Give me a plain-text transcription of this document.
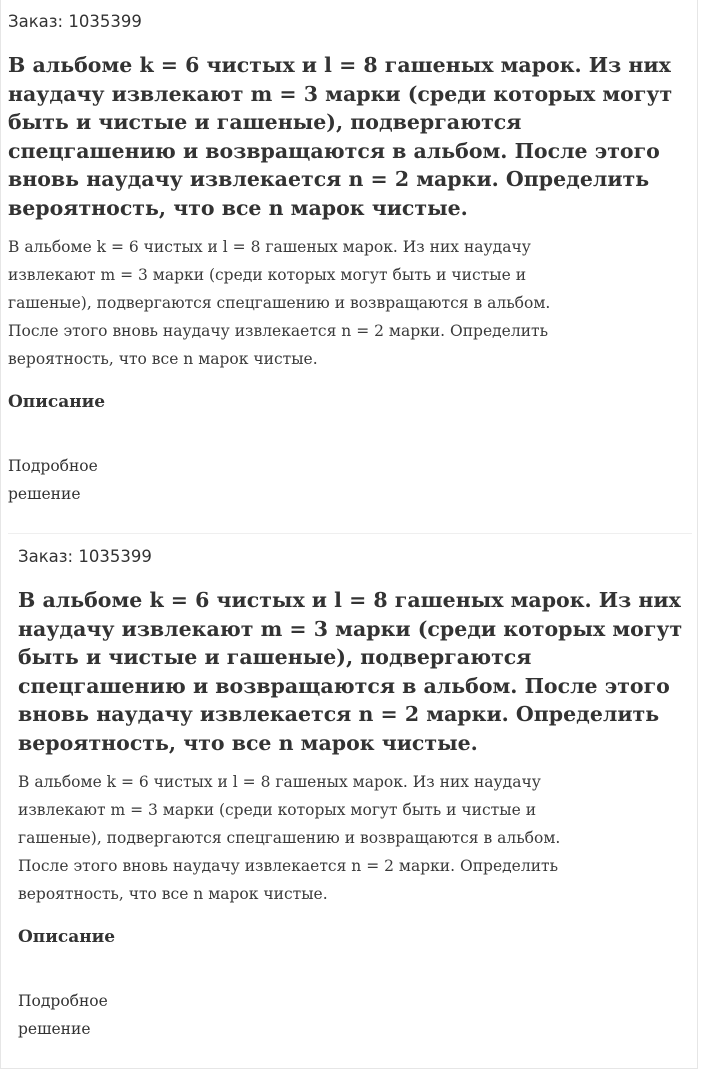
Заказ: 1035399
В альбоме k = 6 чистых и l = 8 гашеных марок. Из них
наудачу извлекают m = 3 марки (среди которых могут
быть и чистые и гашеные), подвергаются
спецгашению и возвращаются в альбом. После этого
вновь наудачу извлекается n = 2 марки. Определить
вероятность, что все n марок чистые.

В альбоме k = 6 чистых и l = 8 гашеных марок. Из них наудачу
извлекают m = 3 марки (среди которых могут быть и чистые и
гашеные), подвергаются спецгашению и возвращаются в альбом.
После этого вновь наудачу извлекается n = 2 марки. Определить
вероятность, что все n марок чистые.

Описание
Подробное
решение
Заказ: 1035399
В альбоме k = 6 чистых и l = 8 гашеных марок. Из них
наудачу извлекают m = 3 марки (среди которых могут
быть и чистые и гашеные), подвергаются
спецгашению и возвращаются в альбом. После этого
вновь наудачу извлекается n = 2 марки. Определить
вероятность, что все n марок чистые.

В альбоме k = 6 чистых и l = 8 гашеных марок. Из них наудачу
извлекают m = 3 марки (среди которых могут быть и чистые и
гашеные), подвергаются спецгашению и возвращаются в альбом.
После этого вновь наудачу извлекается n = 2 марки. Определить
вероятность, что все n марок чистые.

Описание
Подробное
решение
